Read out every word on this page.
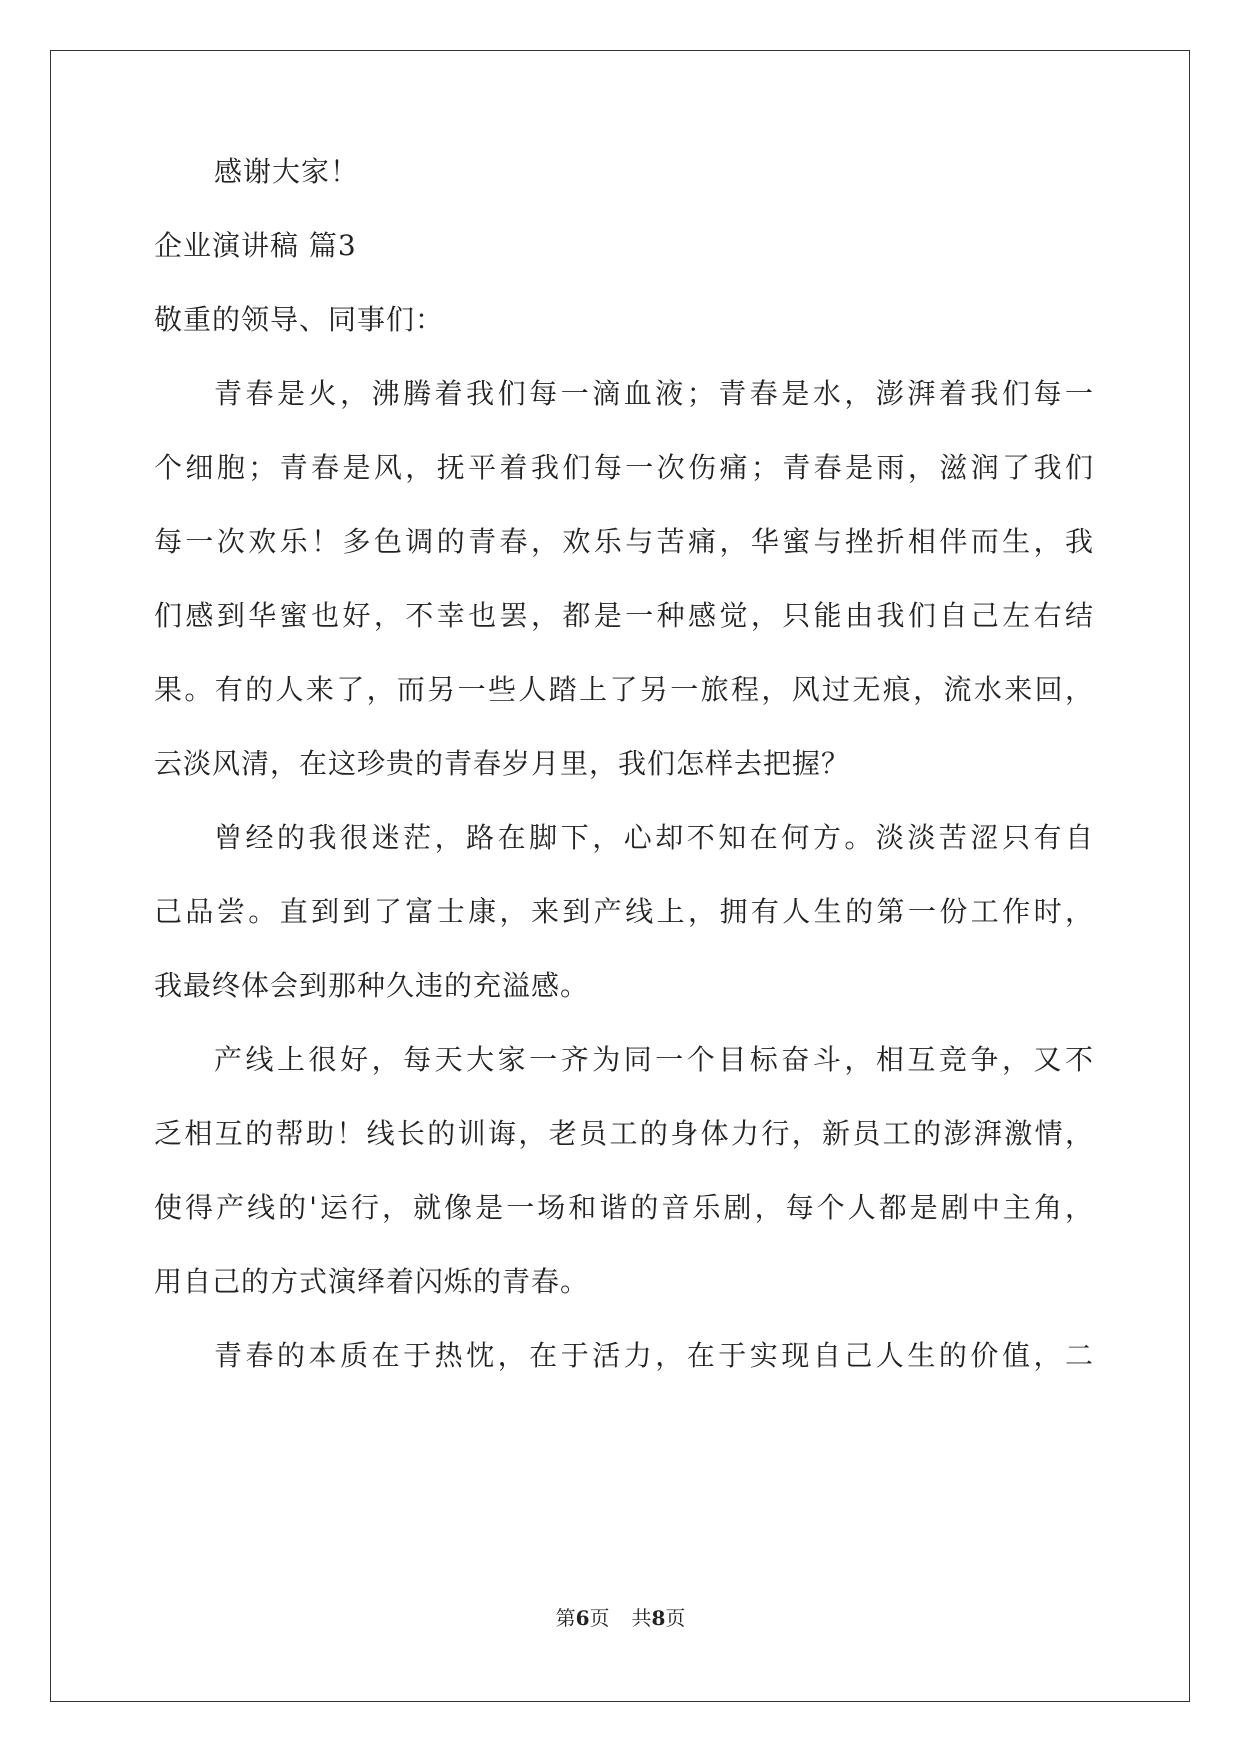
感谢大家！
企业演讲稿 篇3
敬重的领导、同事们：
青春是火，沸腾着我们每一滴血液；青春是水，澎湃着我们每一
个细胞；青春是风，抚平着我们每一次伤痛；青春是雨，滋润了我们
每一次欢乐！多色调的青春，欢乐与苦痛，华蜜与挫折相伴而生，我
们感到华蜜也好，不幸也罢，都是一种感觉，只能由我们自己左右结
果。有的人来了，而另一些人踏上了另一旅程，风过无痕，流水来回，
云淡风清，在这珍贵的青春岁月里，我们怎样去把握？
曾经的我很迷茫，路在脚下，心却不知在何方。淡淡苦涩只有自
己品尝。直到到了富士康，来到产线上，拥有人生的第一份工作时，
我最终体会到那种久违的充溢感。
产线上很好，每天大家一齐为同一个目标奋斗，相互竞争，又不
乏相互的帮助！线长的训诲，老员工的身体力行，新员工的澎湃激情，
使得产线的'运行，就像是一场和谐的音乐剧，每个人都是剧中主角，
用自己的方式演绎着闪烁的青春。
青春的本质在于热忱，在于活力，在于实现自己人生的价值，二
第6页 共8页
